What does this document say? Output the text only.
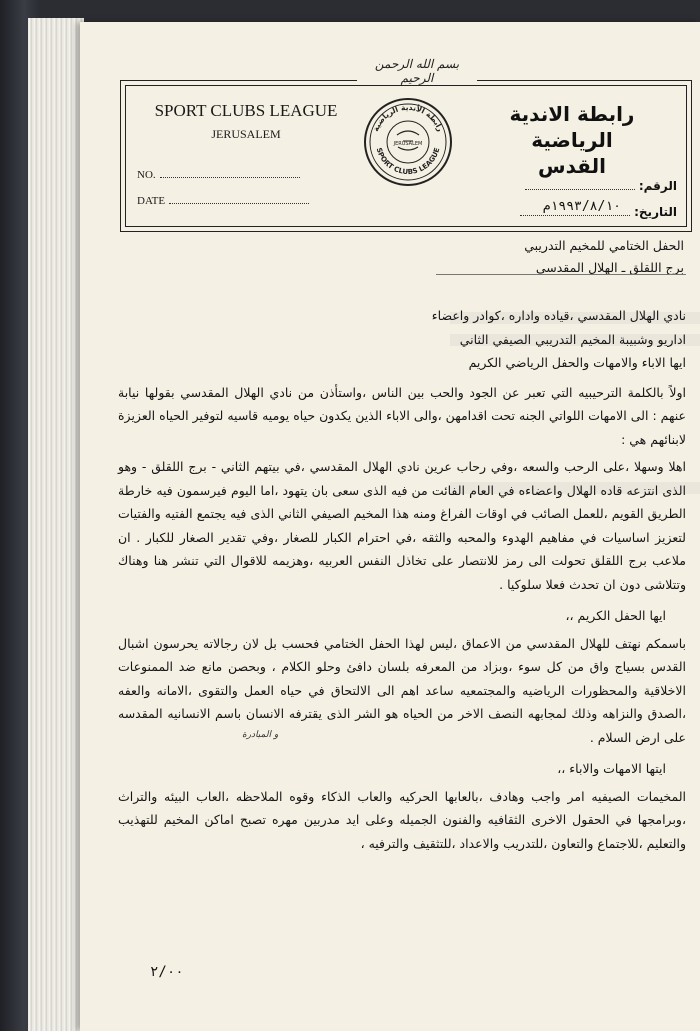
بسم الله الرحمن الرحيم
SPORT CLUBS LEAGUE
JERUSALEM
NO.
DATE
رابطة الأندية الرياضية
SPORT CLUBS LEAGUE
JERUSALEM
رابطة الاندية الرياضية
القدس
الرقم:
التاريخ:
١٩٩٣/٨/١٠م
الحفل الختامي للمخيم التدريبي
برج اللقلق ـ الهلال المقدسي

نادي الهلال المقدسي ،قياده واداره ،كوادر واعضاء

اداريو وشبيبة المخيم التدريبي الصيفي الثاني

ايها الاباء والامهات والحفل الرياضي الكريم

اولاً بالكلمة الترحيبيه التي تعبر عن الجود والحب بين الناس ،واستأذن من نادي الهلال المقدسي بقولها نيابة عنهم : الى الامهات اللواتي الجنه تحت اقدامهن ،والى الاباء الذين يكدون حياه يوميه قاسيه لتوفير الحياه العزيزة لابنائهم هي :

اهلا وسهلا ،على الرحب والسعه ،وفي رحاب عرين نادي الهلال المقدسي ،في بيتهم الثاني - برج اللقلق - وهو الذى انتزعه قاده الهلال واعضاءه في العام الفائت من فيه الذى سعى بان يتهود ،اما اليوم فيرسمون فيه خارطة الطريق القويم ،للعمل الصائب في اوقات الفراغ ومنه هذا المخيم الصيفي الثاني الذى فيه يجتمع الفتيه والفتيات لتعزيز اساسيات في مفاهيم الهدوء والمحبه والثقه ،في احترام الكبار للصغار ،وفي تقدير الصغار للكبار . ان ملاعب برج اللقلق تحولت الى رمز للانتصار على تخاذل النفس العربيه ،وهزيمه للاقوال التي تنشر هنا وهناك وتتلاشى دون ان تحدث فعلا سلوكيا .

ايها الحفل الكريم ،،

باسمكم نهتف للهلال المقدسي من الاعماق ،ليس لهذا الحفل الختامي فحسب بل لان رجالاته يحرسون اشبال القدس بسياج واق من كل سوء ،وبزاد من المعرفه بلسان دافئ وحلو الكلام ، وبحصن مانع ضد الممنوعات الاخلاقية والمحظورات الرياضيه والمجتمعيه ساعد اهم الى الالتحاق في حياه العمل والتقوى ،الامانه والعفه ،الصدق والنزاهه وذلك لمجابهه النصف الاخر من الحياه هو الشر الذى يقترفه الانسان باسم الانسانيه المقدسه على ارض السلام .

ايتها الامهات والاباء ،،

المخيمات الصيفيه امر واجب وهادف ،بالعابها الحركيه والعاب الذكاء وقوه الملاحظه ،العاب البيئه والتراث ،وبرامجها في الحقول الاخرى الثقافيه والفنون الجميله وعلى ايد مدربين مهره تصبح اماكن المخيم للتهذيب والتعليم ،للاجتماع والتعاون ،للتدريب والاعداد ،للتثقيف والترفيه ،

و المبادرة
٢/٠٠
